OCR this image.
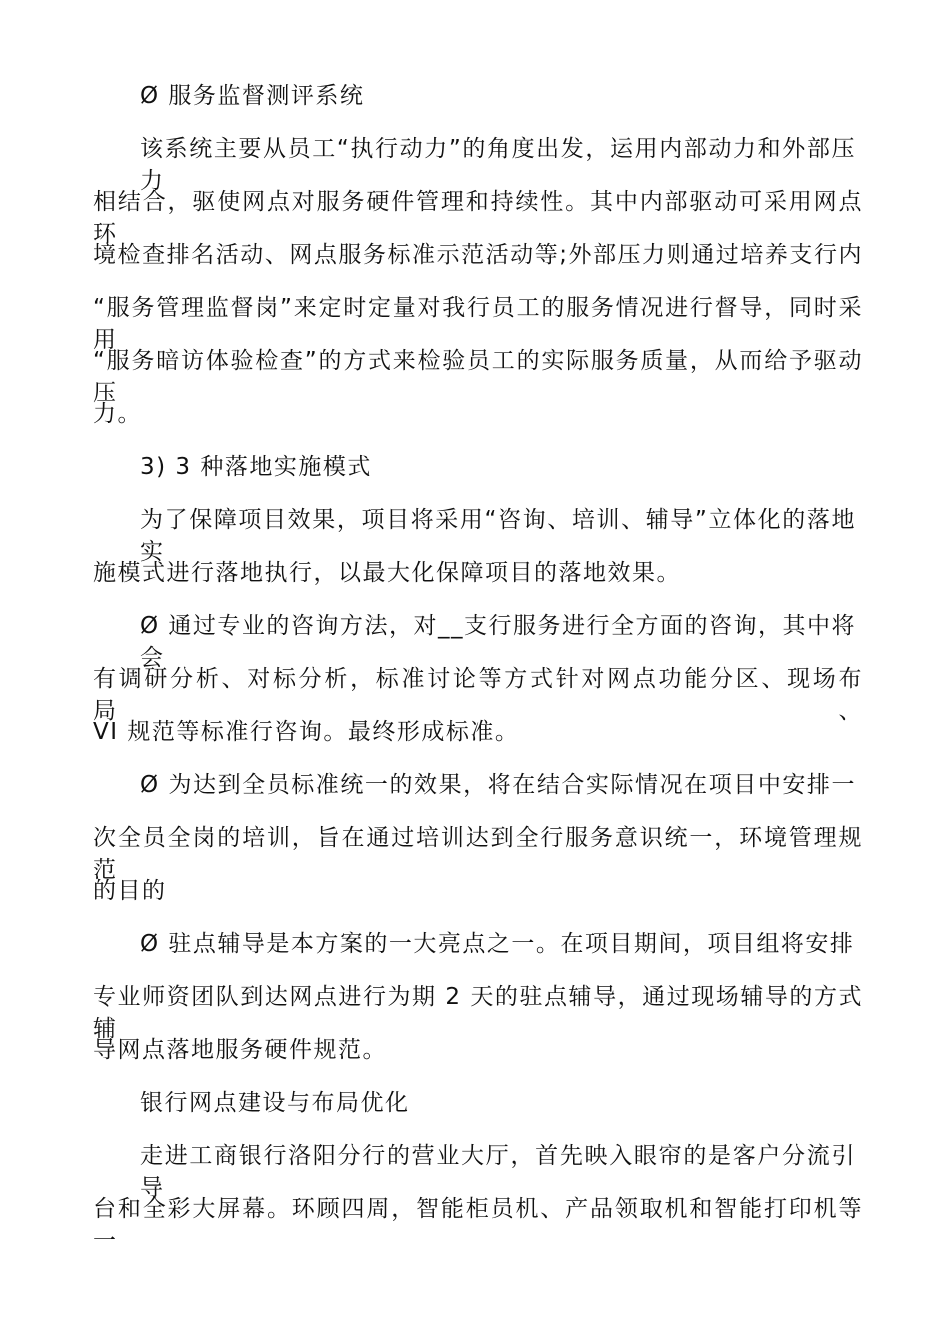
Ø 服务监督测评系统
该系统主要从员工“执行动力”的角度出发，运用内部动力和外部压力
相结合，驱使网点对服务硬件管理和持续性。其中内部驱动可采用网点环
境检查排名活动、网点服务标准示范活动等;外部压力则通过培养支行内
“服务管理监督岗”来定时定量对我行员工的服务情况进行督导，同时采用
“服务暗访体验检查”的方式来检验员工的实际服务质量，从而给予驱动压
力。
3) 3 种落地实施模式
为了保障项目效果，项目将采用“咨询、培训、辅导”立体化的落地实
施模式进行落地执行，以最大化保障项目的落地效果。
Ø 通过专业的咨询方法，对__支行服务进行全方面的咨询，其中将会
有调研分析、对标分析，标准讨论等方式针对网点功能分区、现场布局、
VI 规范等标准行咨询。最终形成标准。
Ø 为达到全员标准统一的效果，将在结合实际情况在项目中安排一
次全员全岗的培训，旨在通过培训达到全行服务意识统一，环境管理规范
的目的
Ø 驻点辅导是本方案的一大亮点之一。在项目期间，项目组将安排
专业师资团队到达网点进行为期 2 天的驻点辅导，通过现场辅导的方式辅
导网点落地服务硬件规范。
银行网点建设与布局优化
走进工商银行洛阳分行的营业大厅，首先映入眼帘的是客户分流引导
台和全彩大屏幕。环顾四周，智能柜员机、产品领取机和智能打印机等一
